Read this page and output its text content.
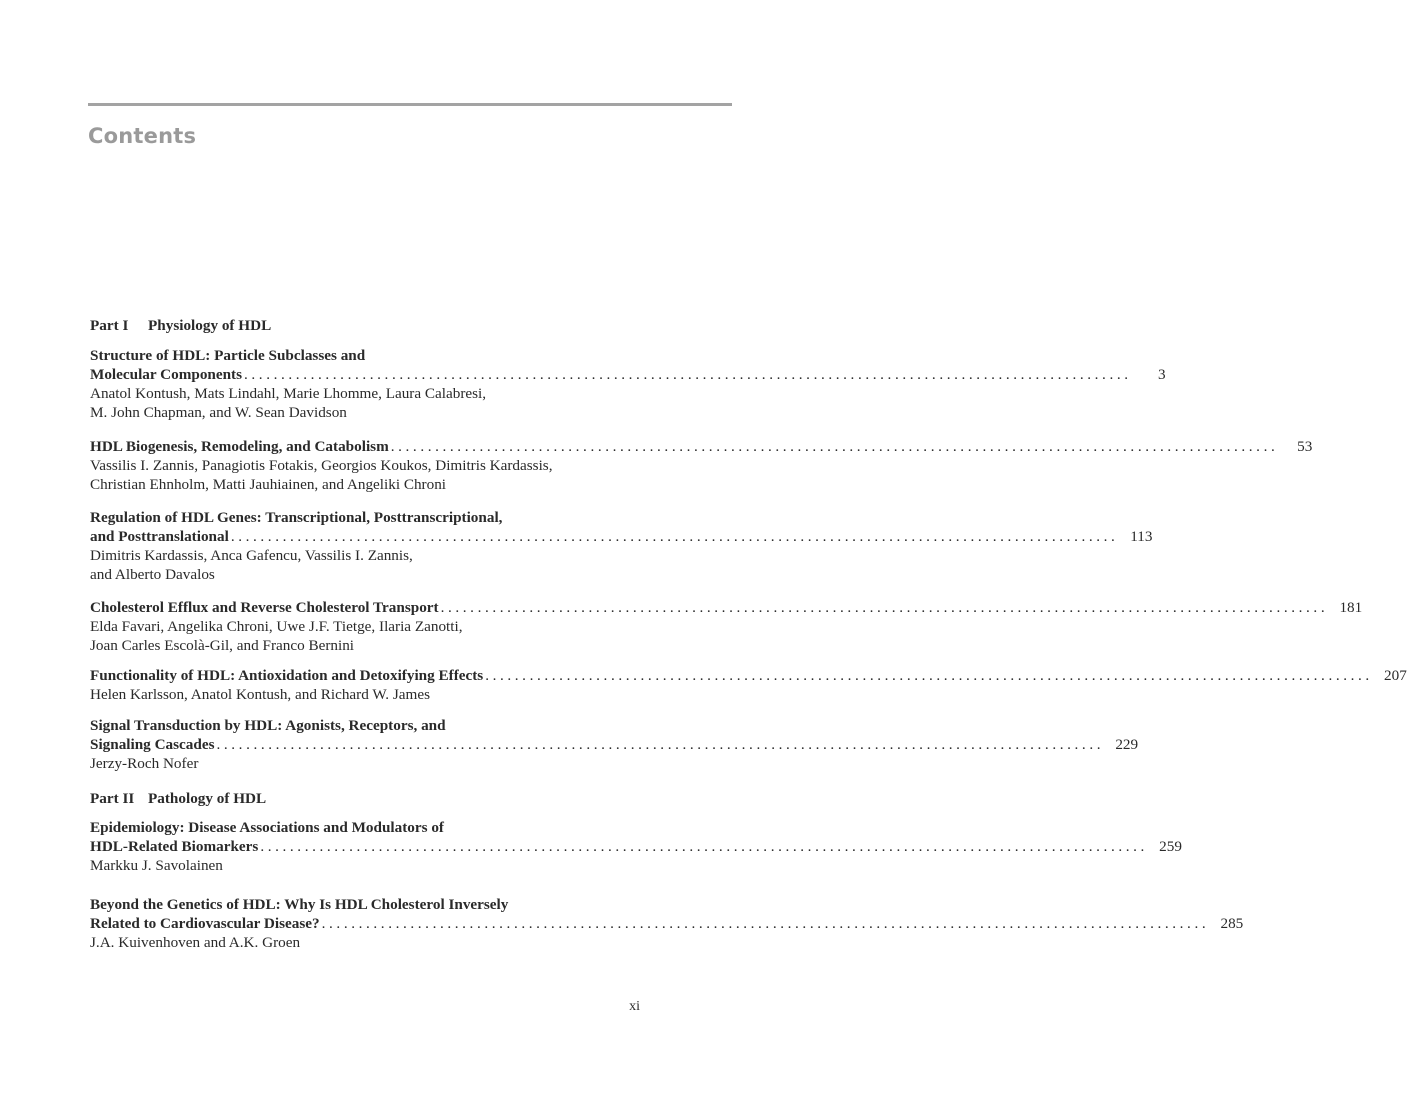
Contents
Part I Physiology of HDL
Structure of HDL: Particle Subclasses and
Molecular Components ........................................................................................................................	3
Anatol Kontush, Mats Lindahl, Marie Lhomme, Laura Calabresi,
M. John Chapman, and W. Sean Davidson
HDL Biogenesis, Remodeling, and Catabolism ........................................................................................................................	53
Vassilis I. Zannis, Panagiotis Fotakis, Georgios Koukos, Dimitris Kardassis,
Christian Ehnholm, Matti Jauhiainen, and Angeliki Chroni
Regulation of HDL Genes: Transcriptional, Posttranscriptional,
and Posttranslational ........................................................................................................................ 113
Dimitris Kardassis, Anca Gafencu, Vassilis I. Zannis,
and Alberto Davalos
Cholesterol Efflux and Reverse Cholesterol Transport ........................................................................................................................ 181
Elda Favari, Angelika Chroni, Uwe J.F. Tietge, Ilaria Zanotti,
Joan Carles Escolà-Gil, and Franco Bernini
Functionality of HDL: Antioxidation and Detoxifying Effects ........................................................................................................................ 207
Helen Karlsson, Anatol Kontush, and Richard W. James
Signal Transduction by HDL: Agonists, Receptors, and
Signaling Cascades ........................................................................................................................ 229
Jerzy-Roch Nofer
Part II Pathology of HDL
Epidemiology: Disease Associations and Modulators of
HDL-Related Biomarkers ........................................................................................................................ 259
Markku J. Savolainen
Beyond the Genetics of HDL: Why Is HDL Cholesterol Inversely
Related to Cardiovascular Disease? ........................................................................................................................ 285
J.A. Kuivenhoven and A.K. Groen
xi
